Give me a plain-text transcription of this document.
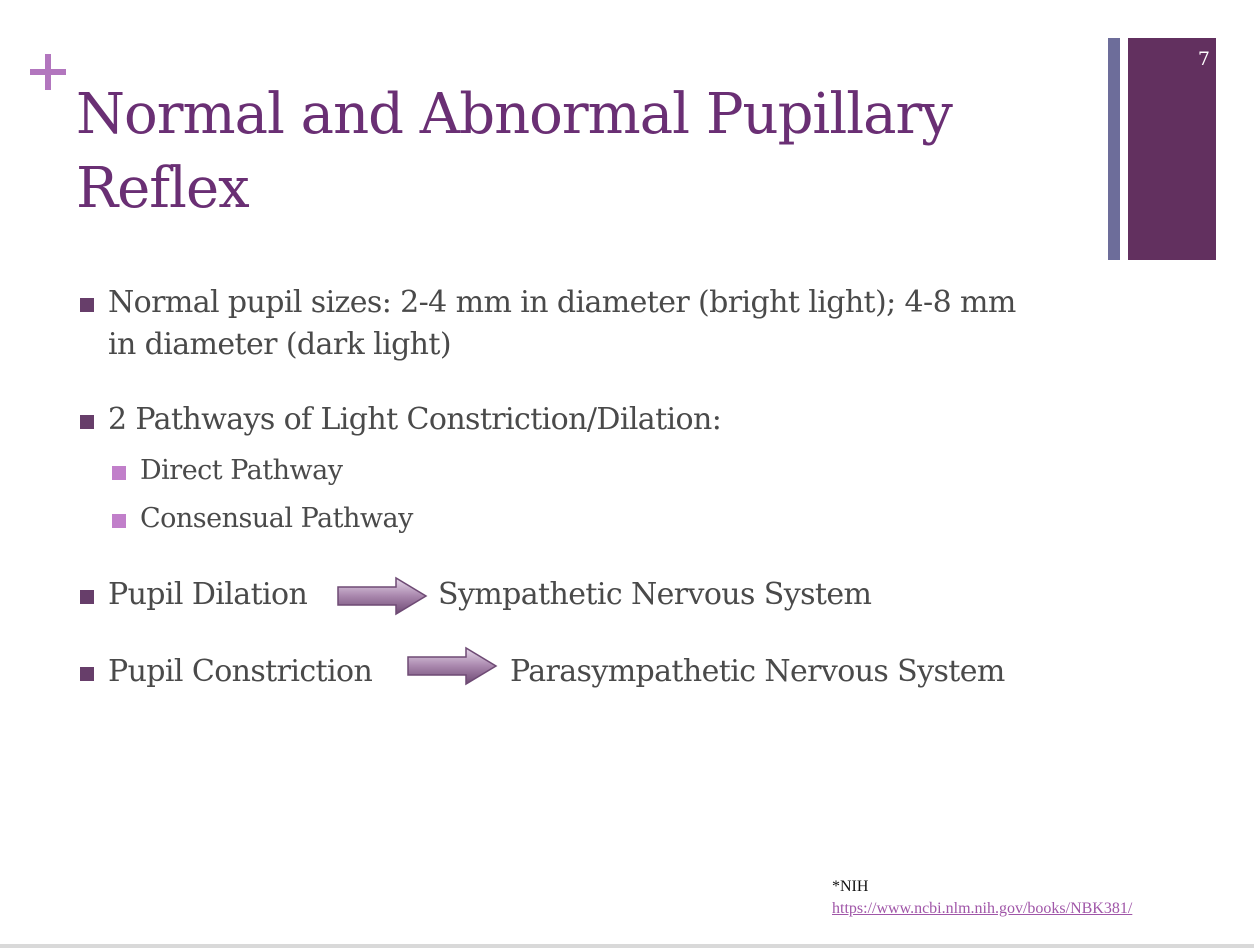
Normal and Abnormal Pupillary
Reflex
7
Normal pupil sizes: 2-4 mm in diameter (bright light); 4-8 mm
in diameter (dark light)
2 Pathways of Light Constriction/Dilation:
Direct Pathway
Consensual Pathway
Pupil Dilation	Sympathetic Nervous System
Pupil Constriction	Parasympathetic Nervous System
*NIH
https://www.ncbi.nlm.nih.gov/books/NBK381/
